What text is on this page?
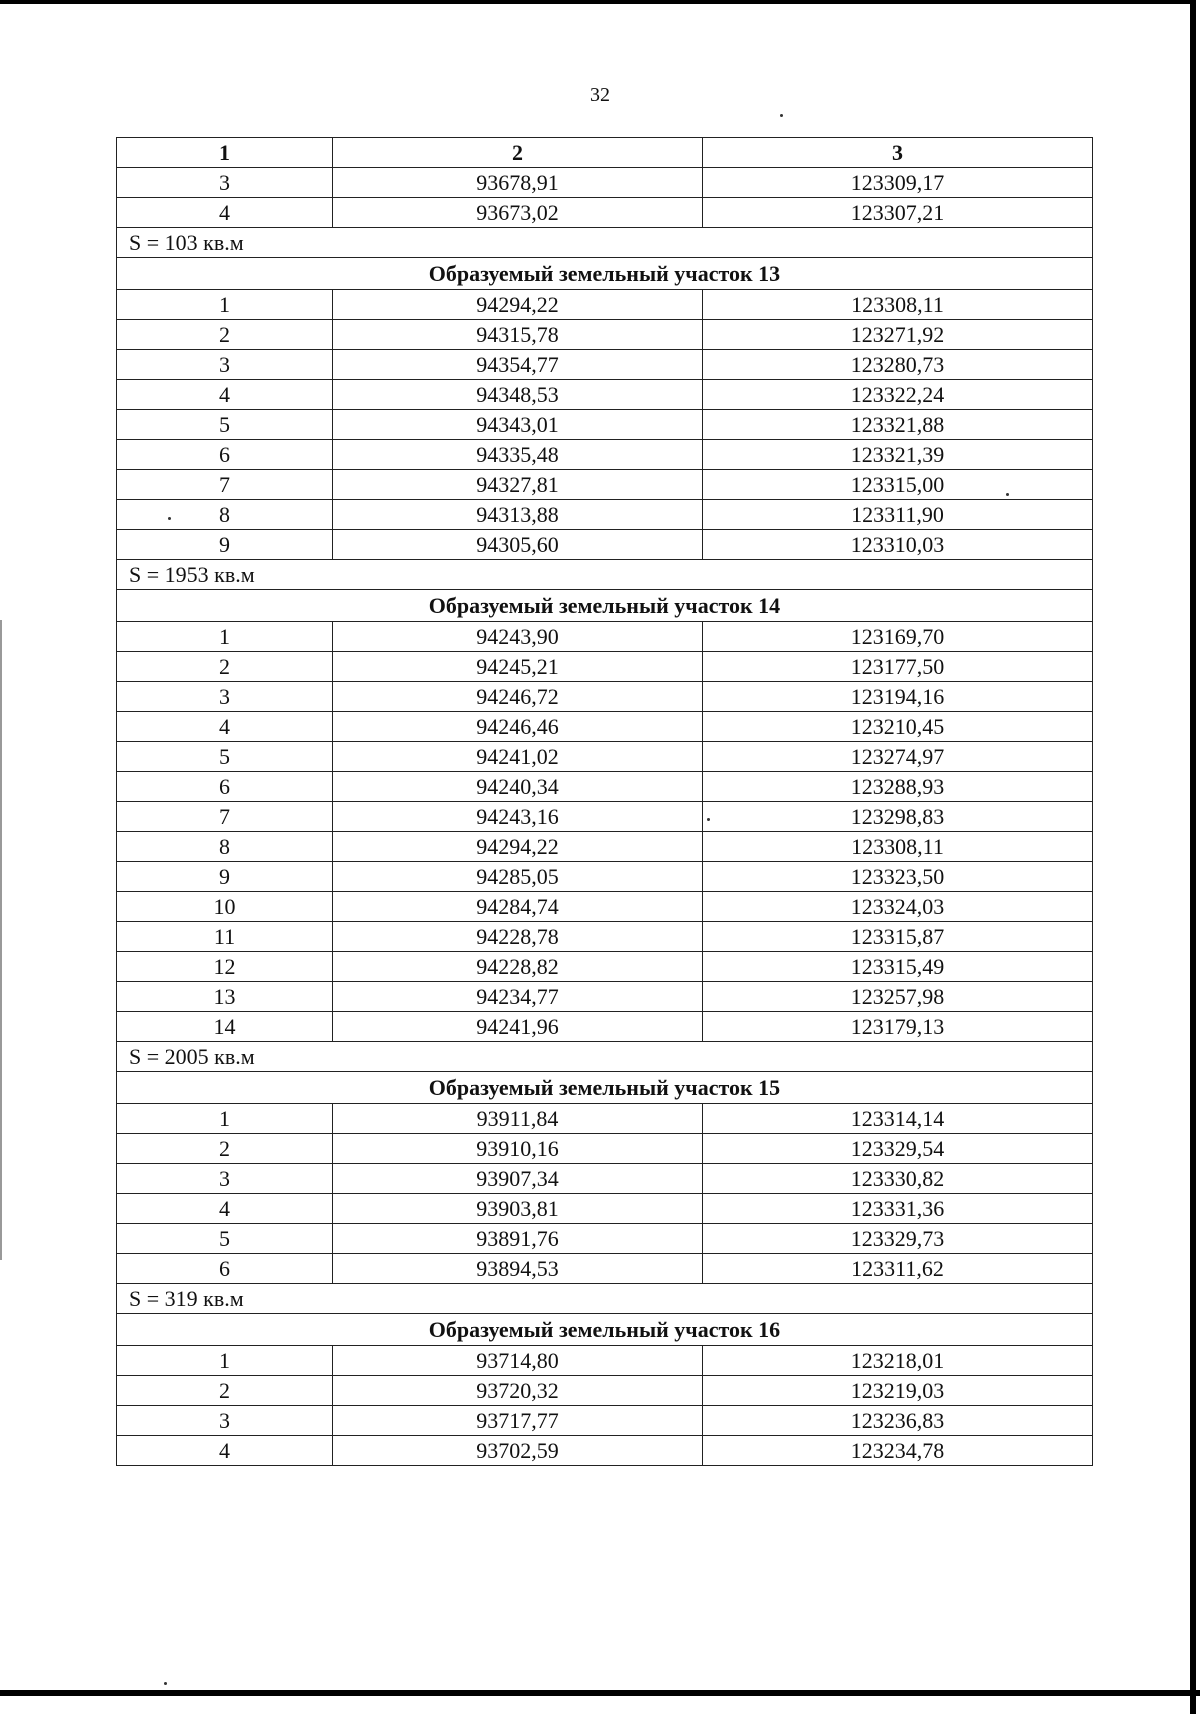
32
1	2	3
3	93678,91	123309,17
4	93673,02	123307,21
S = 103 кв.м		
Образуемый земельный участок 13		
1	94294,22	123308,11
2	94315,78	123271,92
3	94354,77	123280,73
4	94348,53	123322,24
5	94343,01	123321,88
6	94335,48	123321,39
7	94327,81	123315,00
8	94313,88	123311,90
9	94305,60	123310,03
S = 1953 кв.м		
Образуемый земельный участок 14		
1	94243,90	123169,70
2	94245,21	123177,50
3	94246,72	123194,16
4	94246,46	123210,45
5	94241,02	123274,97
6	94240,34	123288,93
7	94243,16	123298,83
8	94294,22	123308,11
9	94285,05	123323,50
10	94284,74	123324,03
11	94228,78	123315,87
12	94228,82	123315,49
13	94234,77	123257,98
14	94241,96	123179,13
S = 2005 кв.м		
Образуемый земельный участок 15		
1	93911,84	123314,14
2	93910,16	123329,54
3	93907,34	123330,82
4	93903,81	123331,36
5	93891,76	123329,73
6	93894,53	123311,62
S = 319 кв.м		
Образуемый земельный участок 16		
1	93714,80	123218,01
2	93720,32	123219,03
3	93717,77	123236,83
4	93702,59	123234,78
